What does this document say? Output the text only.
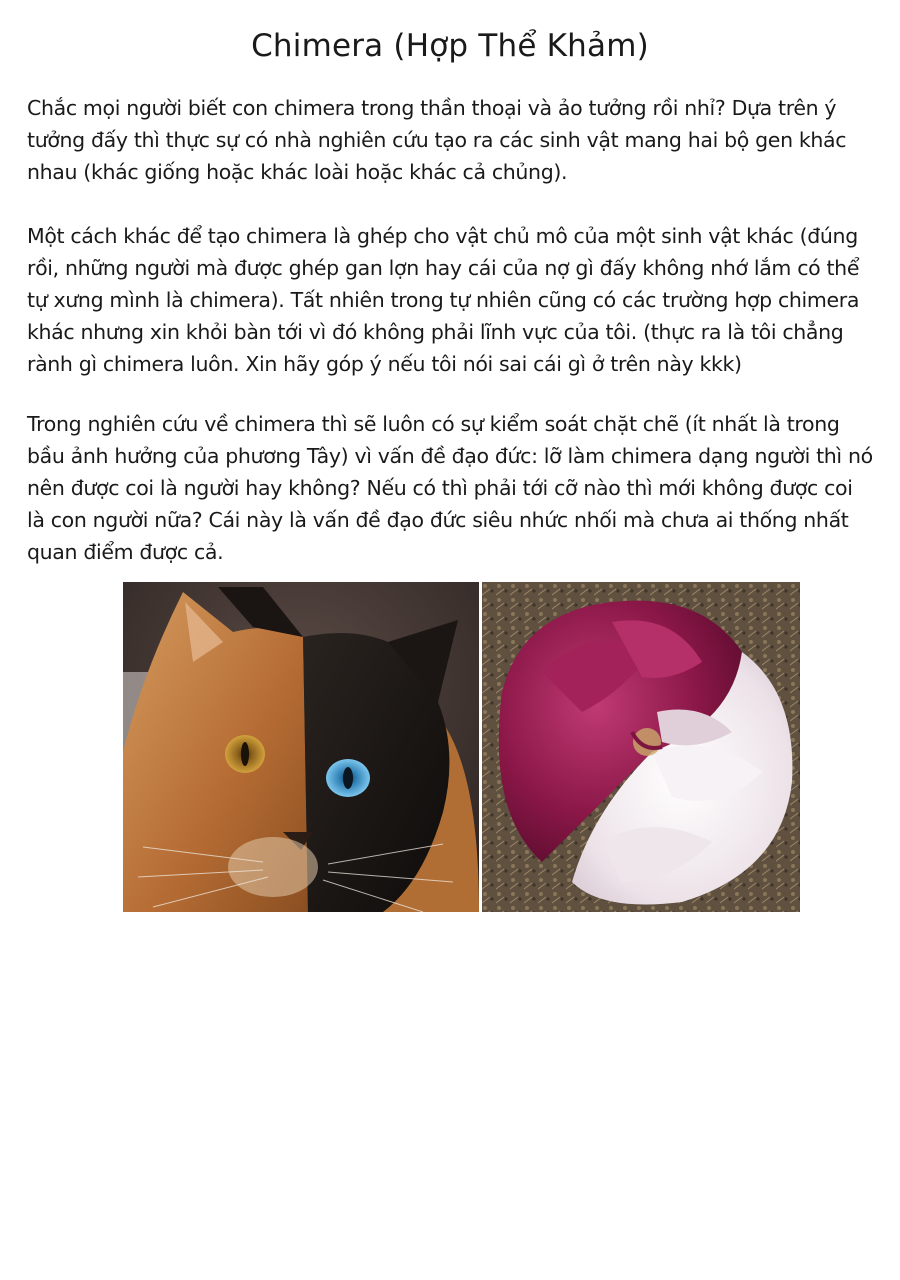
Chimera (Hợp Thể Khảm)

Chắc mọi người biết con chimera trong thần thoại và ảo tưởng rồi nhỉ? Dựa trên ý tưởng đấy thì thực sự có nhà nghiên cứu tạo ra các sinh vật mang hai bộ gen khác nhau (khác giống hoặc khác loài hoặc khác cả chủng).

Một cách khác để tạo chimera là ghép cho vật chủ mô của một sinh vật khác (đúng rồi, những người mà được ghép gan lợn hay cái của nợ gì đấy không nhớ lắm có thể tự xưng mình là chimera). Tất nhiên trong tự nhiên cũng có các trường hợp chimera khác nhưng xin khỏi bàn tới vì đó không phải lĩnh vực của tôi. (thực ra là tôi chẳng rành gì chimera luôn. Xin hãy góp ý nếu tôi nói sai cái gì ở trên này kkk)

Trong nghiên cứu về chimera thì sẽ luôn có sự kiểm soát chặt chẽ (ít nhất là trong bầu ảnh hưởng của phương Tây) vì vấn đề đạo đức: lỡ làm chimera dạng người thì nó nên được coi là người hay không? Nếu có thì phải tới cỡ nào thì mới không được coi là con người nữa? Cái này là vấn đề đạo đức siêu nhức nhối mà chưa ai thống nhất quan điểm được cả.
